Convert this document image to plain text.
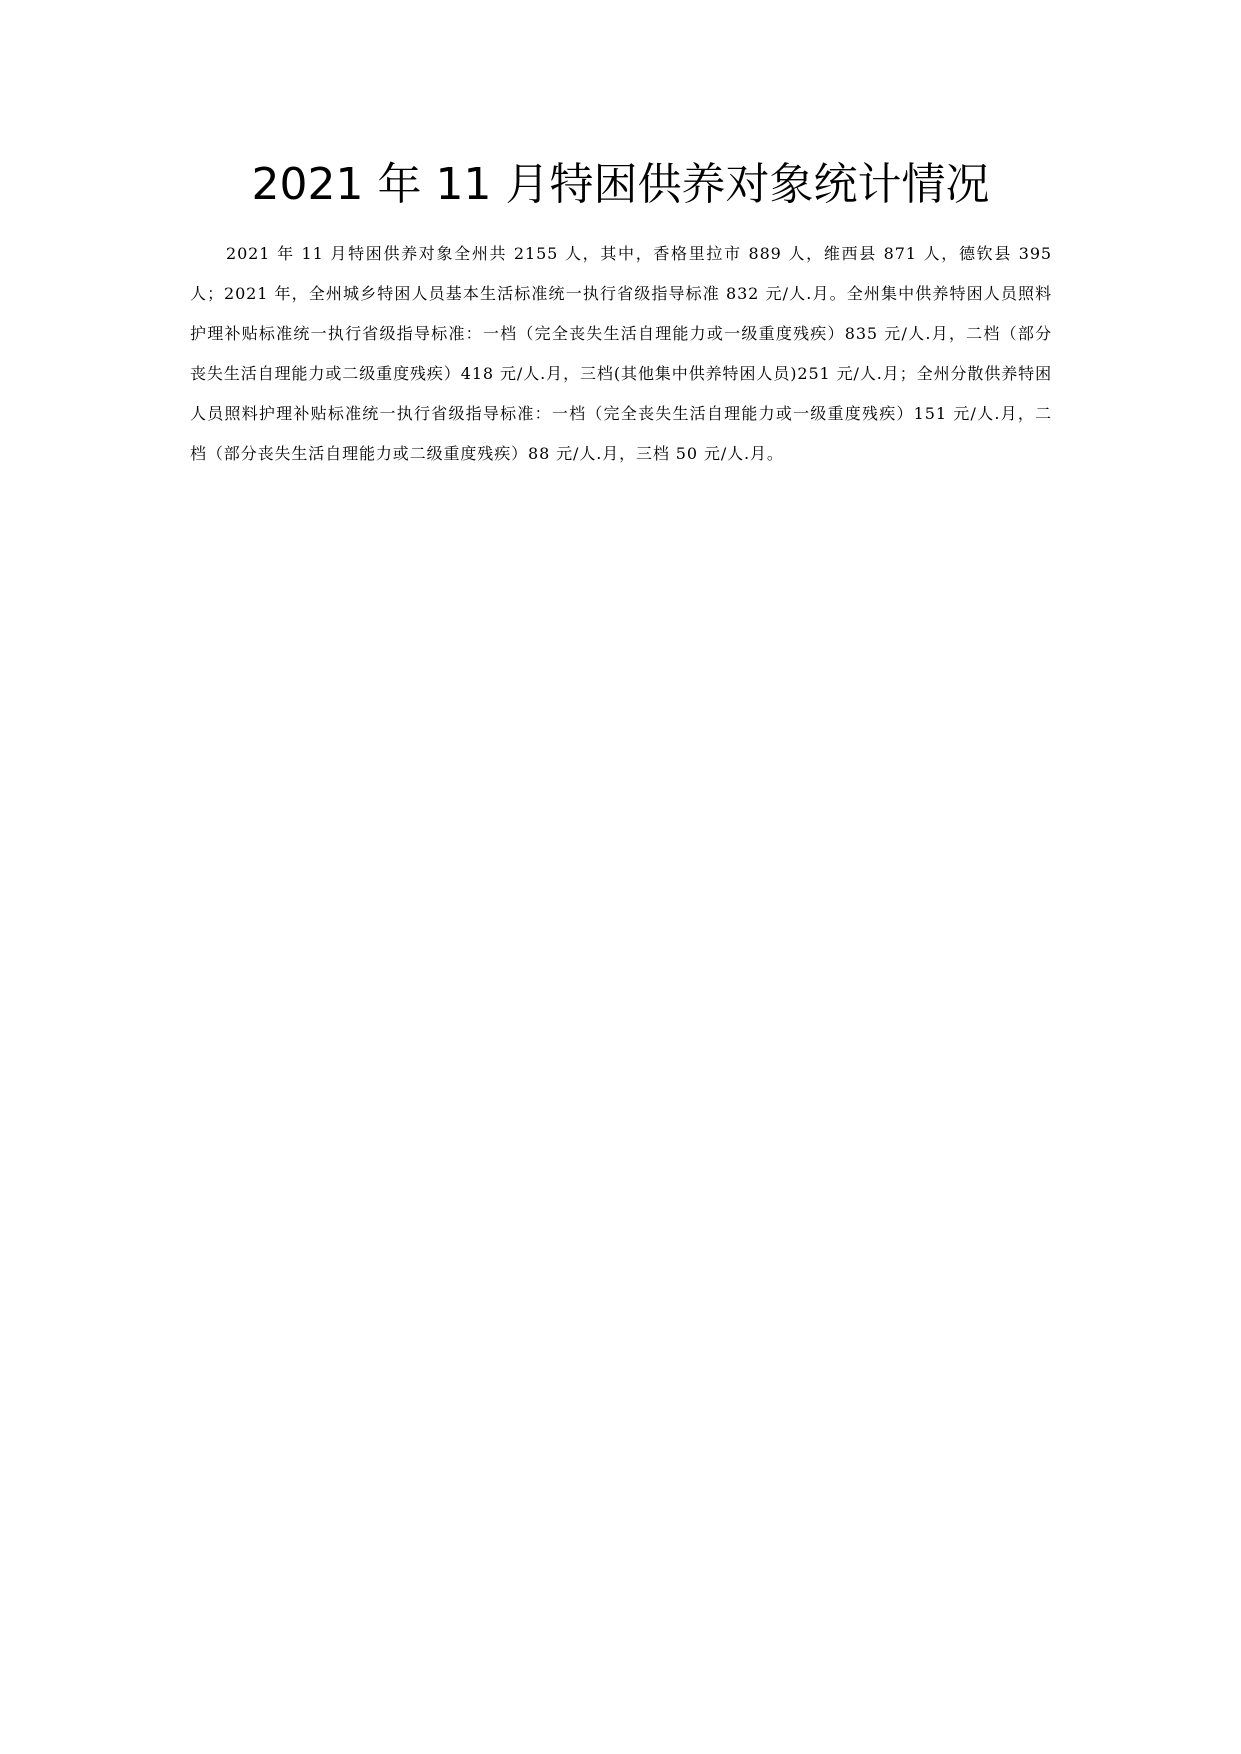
2021 年 11 月特困供养对象统计情况

2021 年 11 月特困供养对象全州共 2155 人，其中，香格里拉市 889 人，维西县 871 人，德钦县 395 人；2021 年，全州城乡特困人员基本生活标准统一执行省级指导标准 832 元/人.月。全州集中供养特困人员照料护理补贴标准统一执行省级指导标准：一档（完全丧失生活自理能力或一级重度残疾）835 元/人.月，二档（部分丧失生活自理能力或二级重度残疾）418 元/人.月，三档(其他集中供养特困人员)251 元/人.月；全州分散供养特困人员照料护理补贴标准统一执行省级指导标准：一档（完全丧失生活自理能力或一级重度残疾）151 元/人.月，二档（部分丧失生活自理能力或二级重度残疾）88 元/人.月，三档 50 元/人.月。
